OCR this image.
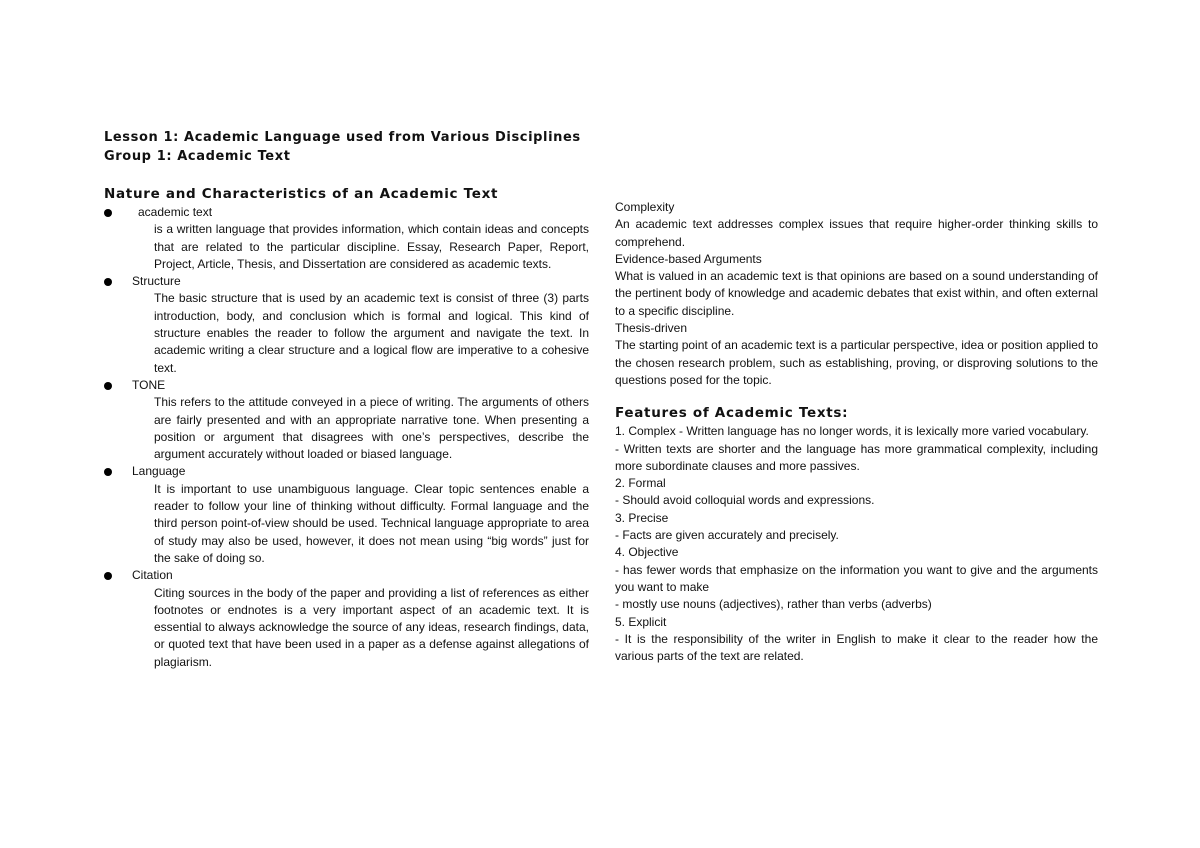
Lesson 1: Academic Language used from Various Disciplines

Group 1: Academic Text

Nature and Characteristics of an Academic Text

academic text

is a written language that provides information, which contain ideas and concepts that are related to the particular discipline. Essay, Research Paper, Report, Project, Article, Thesis, and Dissertation are considered as academic texts.

Structure

The basic structure that is used by an academic text is consist of three (3) parts introduction, body, and conclusion which is formal and logical. This kind of structure enables the reader to follow the argument and navigate the text. In academic writing a clear structure and a logical flow are imperative to a cohesive text.

TONE

This refers to the attitude conveyed in a piece of writing. The arguments of others are fairly presented and with an appropriate narrative tone. When presenting a position or argument that disagrees with one’s perspectives, describe the argument accurately without loaded or biased language.

Language

It is important to use unambiguous language. Clear topic sentences enable a reader to follow your line of thinking without difficulty. Formal language and the third person point-of-view should be used. Technical language appropriate to area of study may also be used, however, it does not mean using “big words” just for the sake of doing so.

Citation

Citing sources in the body of the paper and providing a list of references as either footnotes or endnotes is a very important aspect of an academic text. It is essential to always acknowledge the source of any ideas, research findings, data, or quoted text that have been used in a paper as a defense against allegations of plagiarism.

Complexity

An academic text addresses complex issues that require higher-order thinking skills to comprehend.

Evidence-based Arguments

What is valued in an academic text is that opinions are based on a sound understanding of the pertinent body of knowledge and academic debates that exist within, and often external to a specific discipline.

Thesis-driven

The starting point of an academic text is a particular perspective, idea or position applied to the chosen research problem, such as establishing, proving, or disproving solutions to the questions posed for the topic.

Features of Academic Texts:

1. Complex - Written language has no longer words, it is lexically more varied vocabulary.

- Written texts are shorter and the language has more grammatical complexity, including more subordinate clauses and more passives.

2. Formal

- Should avoid colloquial words and expressions.

3. Precise

- Facts are given accurately and precisely.

4. Objective

- has fewer words that emphasize on the information you want to give and the arguments you want to make

- mostly use nouns (adjectives), rather than verbs (adverbs)

5. Explicit

- It is the responsibility of the writer in English to make it clear to the reader how the various parts of the text are related.
